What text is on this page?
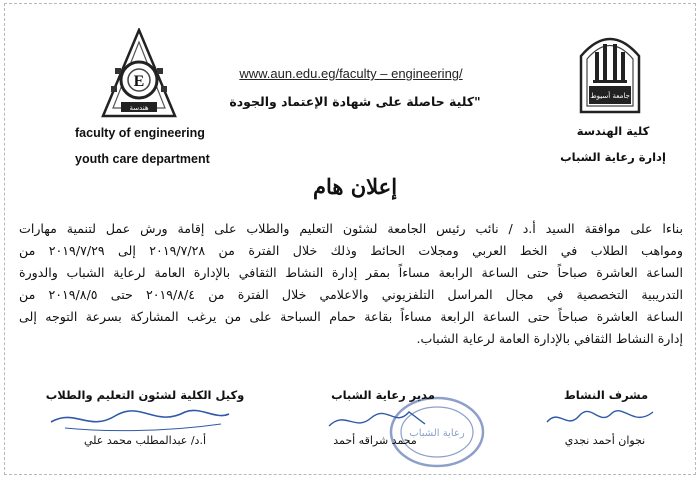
E
هندسة
جامعة أسيوط
www.aun.edu.eg/faculty – engineering/
"كلية حاصلة على شهادة الإعتماد والجودة
faculty of engineering
youth care department
كلية الهندسة
إدارة رعاية الشباب
إعلان هام
بناءا على موافقة السيد أ.د / نائب رئيس الجامعة لشئون التعليم والطلاب على إقامة ورش عمل لتنمية مهارات
ومواهب الطلاب في الخط العربي ومجلات الحائط وذلك خلال الفترة من ٢٠١٩/٧/٢٨ إلى ٢٠١٩/٧/٢٩ من
الساعة العاشرة صباحاً حتى الساعة الرابعة مساءاً بمقر إدارة النشاط الثقافي بالإدارة العامة لرعاية الشباب والدورة
التدريبية التخصصية في مجال المراسل التلفزيوني والاعلامي خلال الفترة من ٢٠١٩/٨/٤ حتى ٢٠١٩/٨/٥ من
الساعة العاشرة صباحاً حتى الساعة الرابعة مساءاً بقاعة حمام السباحة على من يرغب المشاركة بسرعة التوجه إلى
إدارة النشاط الثقافي بالإدارة العامة لرعاية الشباب.
رعاية الشباب
مشرف النشاط
نجوان أحمد نجدي
مدير رعاية الشباب
محمد شراقه أحمد
وكيل الكلية لشئون التعليم والطلاب
أ.د/ عبدالمطلب محمد علي
